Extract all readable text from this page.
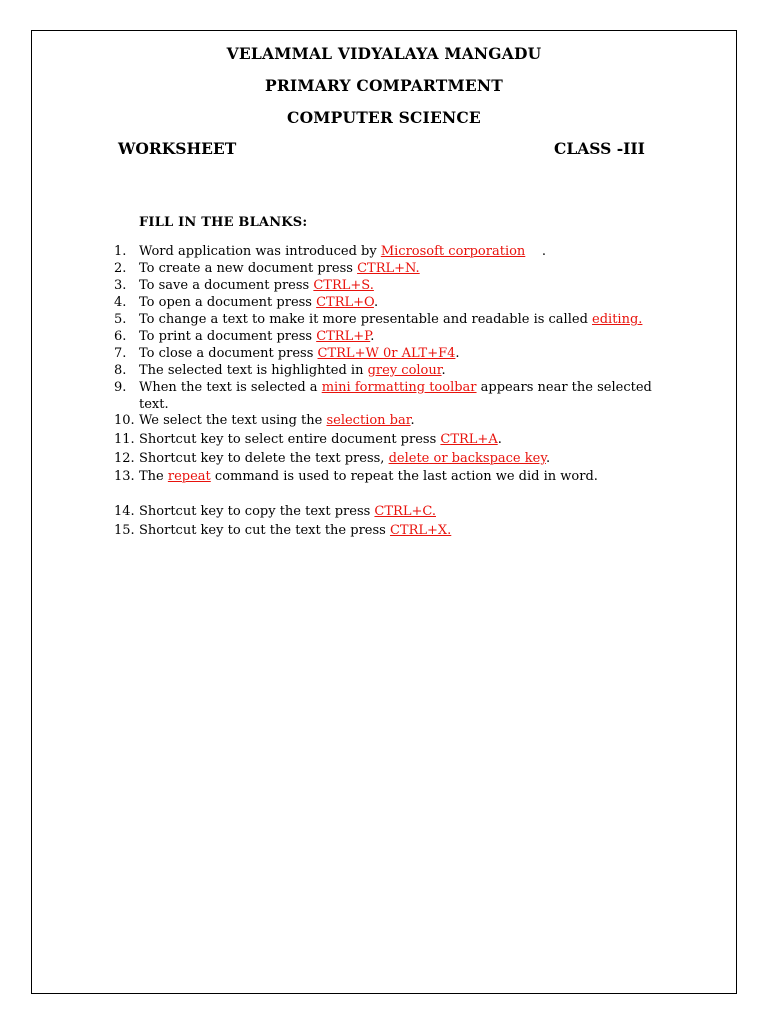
VELAMMAL VIDYALAYA MANGADU
PRIMARY COMPARTMENT
COMPUTER SCIENCE
WORKSHEET	CLASS -III
FILL IN THE BLANKS:
1. Word application was introduced by Microsoft corporation    .
2. To create a new document press CTRL+N.
3. To save a document press CTRL+S.
4. To open a document press CTRL+O.
5. To change a text to make it more presentable and readable is called editing.
6. To print a document press CTRL+P.
7. To close a document press CTRL+W 0r ALT+F4.
8. The selected text is highlighted in grey colour.
9. When the text is selected a mini formatting toolbar appears near the selected
text.
10. We select the text using the selection bar.
11. Shortcut key to select entire document press CTRL+A.
12. Shortcut key to delete the text press, delete or backspace key.
13. The repeat command is used to repeat the last action we did in word.
14. Shortcut key to copy the text press CTRL+C.
15. Shortcut key to cut the text the press CTRL+X.
